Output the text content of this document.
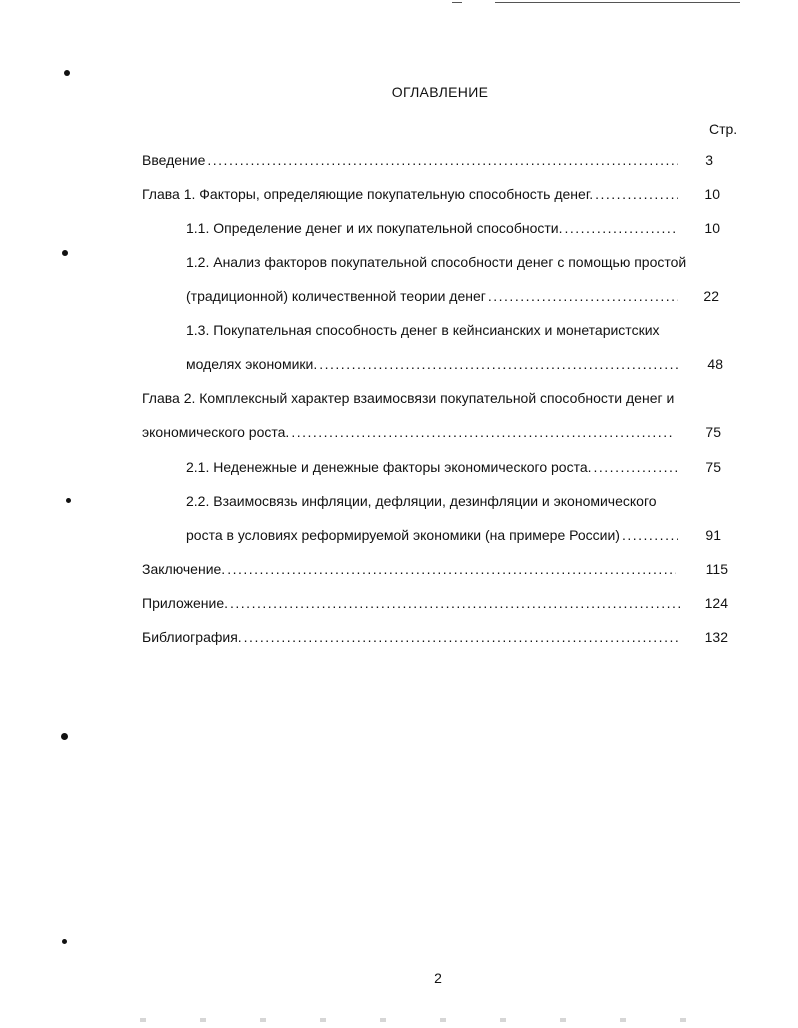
ОГЛАВЛЕНИЕ
Стр.
Введение .....	3
Глава 1. Факторы, определяющие покупательную способность денег. .....	10
1.1. Определение денег и их покупательной способности. .....	10
1.2. Анализ факторов покупательной способности денег с помощью простой
(традиционной) количественной теории денег .....	22
1.3. Покупательная способность денег в кейнсианских и монетаристских
моделях экономики. .....	48
Глава 2. Комплексный характер взаимосвязи покупательной способности денег и
экономического роста. .....	75
2.1. Неденежные и денежные факторы экономического роста. .....	75
2.2. Взаимосвязь инфляции, дефляции, дезинфляции и экономического
роста в условиях реформируемой экономики (на примере России) .....	91
Заключение. .....	115
Приложение. .....	124
Библиография. .....	132
2
